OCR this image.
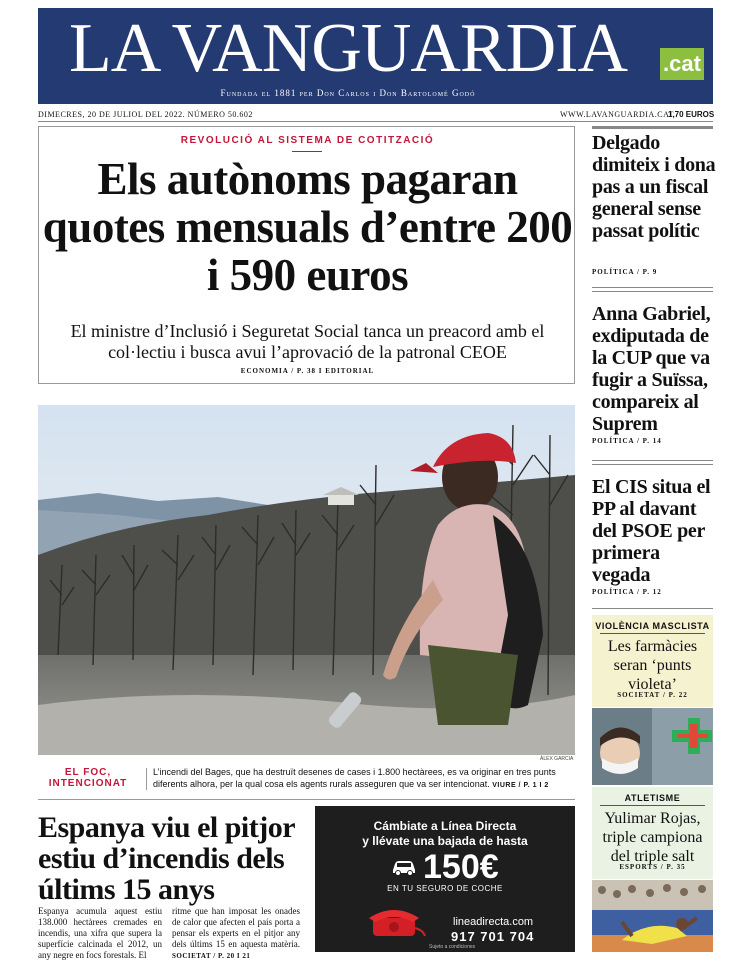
LA VANGUARDIA	.cat
Fundada el 1881 per Don Carlos i Don Bartolomé Godó
DIMECRES, 20 DE JULIOL DEL 2022. NÚMERO 50.602	WWW.LAVANGUARDIA.CAT
1,70 EUROS
REVOLUCIÓ AL SISTEMA DE COTITZACIÓ
Els autònoms pagaran quotes mensuals d’entre 200 i 590 euros
El ministre d’Inclusió i Seguretat Social tanca un preacord amb el col·lectiu i busca avui l’aprovació de la patronal CEOE
ECONOMIA / P. 38 I EDITORIAL
ÀLEX GARCIA
EL FOC, INTENCIONAT
L’incendi del Bages, que ha destruït desenes de cases i 1.800 hectàrees, es va originar en tres punts diferents alhora, per la qual cosa els agents rurals asseguren que va ser intencionat. VIURE / P. 1 I 2
Espanya viu el pitjor estiu d’incendis dels últims 15 anys
Espanya acumula aquest estiu 138.000 hectàrees cremades en incendis, una xifra que supera la superfície calcinada el 2012, un any negre en focs forestals. El
ritme que han imposat les onades de calor que afecten el país porta a pensar els experts en el pitjor any dels últims 15 en aquesta matèria. SOCIETAT / P. 20 I 21
Cámbiate a Línea Directa
y llévate una bajada de hasta
150€
EN TU SEGURO DE COCHE
lineadirecta.com
917 701 704
Sujeto a condiciones
Delgado dimiteix i dona pas a un fiscal general sense passat polític
POLÍTICA / P. 9
Anna Gabriel, exdiputada de la CUP que va fugir a Suïssa, compareix al Suprem
POLÍTICA / P. 14
El CIS situa el PP al davant del PSOE per primera vegada
POLÍTICA / P. 12
VIOLÈNCIA MASCLISTA
Les farmàcies seran ‘punts violeta’
SOCIETAT / P. 22
ATLETISME
Yulimar Rojas, triple campiona del triple salt
ESPORTS / P. 35
